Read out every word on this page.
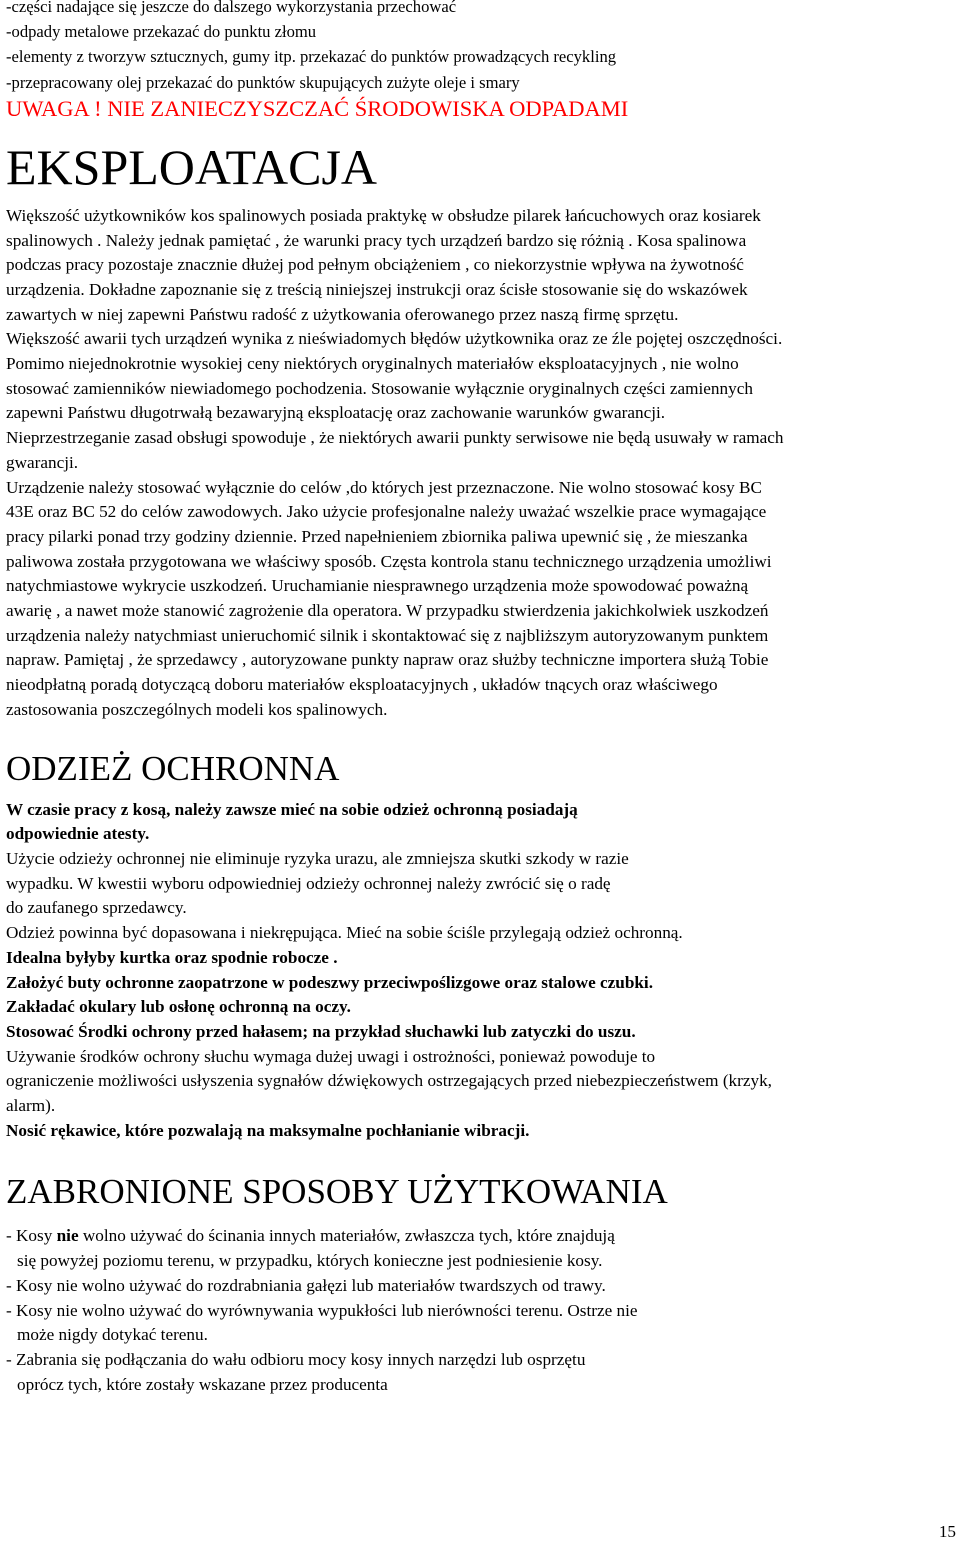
-części nadające się jeszcze do dalszego wykorzystania przechować
-odpady metalowe przekazać do punktu złomu
-elementy z tworzyw sztucznych, gumy itp. przekazać do punktów prowadzących recykling
-przepracowany olej przekazać do punktów skupujących zużyte oleje i smary
UWAGA ! NIE ZANIECZYSZCZAĆ ŚRODOWISKA ODPADAMI
EKSPLOATACJA
Większość użytkowników kos spalinowych posiada praktykę w obsłudze pilarek łańcuchowych oraz kosiarek
spalinowych . Należy jednak pamiętać , że warunki pracy tych urządzeń bardzo się różnią . Kosa spalinowa
podczas pracy pozostaje znacznie dłużej pod pełnym obciążeniem , co niekorzystnie wpływa na żywotność
urządzenia. Dokładne zapoznanie się z treścią niniejszej instrukcji oraz ścisłe stosowanie się do wskazówek
zawartych w niej zapewni Państwu radość z użytkowania oferowanego przez naszą firmę sprzętu.
Większość awarii tych urządzeń wynika z nieświadomych błędów użytkownika oraz ze źle pojętej oszczędności.
Pomimo niejednokrotnie wysokiej ceny niektórych oryginalnych materiałów eksploatacyjnych , nie wolno
stosować zamienników niewiadomego pochodzenia. Stosowanie wyłącznie oryginalnych części zamiennych
zapewni Państwu długotrwałą bezawaryjną eksploatację oraz zachowanie warunków gwarancji.
Nieprzestrzeganie zasad obsługi spowoduje , że niektórych awarii punkty serwisowe nie będą usuwały w ramach
gwarancji.
Urządzenie należy stosować wyłącznie do celów ,do których jest przeznaczone. Nie wolno stosować kosy BC
43E oraz BC 52 do celów zawodowych. Jako użycie profesjonalne należy uważać wszelkie prace wymagające
pracy pilarki ponad trzy godziny dziennie. Przed napełnieniem zbiornika paliwa upewnić się , że mieszanka
paliwowa została przygotowana we właściwy sposób. Częsta kontrola stanu technicznego urządzenia umożliwi
natychmiastowe wykrycie uszkodzeń. Uruchamianie niesprawnego urządzenia może spowodować poważną
awarię , a nawet może stanowić zagrożenie dla operatora. W przypadku stwierdzenia jakichkolwiek uszkodzeń
urządzenia należy natychmiast unieruchomić silnik i skontaktować się z najbliższym autoryzowanym punktem
napraw. Pamiętaj , że sprzedawcy , autoryzowane punkty napraw oraz służby techniczne importera służą Tobie
nieodpłatną poradą dotyczącą doboru materiałów eksploatacyjnych , układów tnących oraz właściwego
zastosowania poszczególnych modeli kos spalinowych.
ODZIEŻ OCHRONNA
W czasie pracy z kosą, należy zawsze mieć na sobie odzież ochronną posiadają
odpowiednie atesty.
Użycie odzieży ochronnej nie eliminuje ryzyka urazu, ale zmniejsza skutki szkody w razie
wypadku. W kwestii wyboru odpowiedniej odzieży ochronnej należy zwrócić się o radę
do zaufanego sprzedawcy.
Odzież powinna być dopasowana i niekrępująca. Mieć na sobie ściśle przylegają odzież ochronną.
Idealna byłyby kurtka oraz spodnie robocze .
Założyć buty ochronne zaopatrzone w podeszwy przeciwpoślizgowe oraz stalowe czubki.
Zakładać okulary lub osłonę ochronną na oczy.
Stosować Środki ochrony przed hałasem; na przykład słuchawki lub zatyczki do uszu.
Używanie środków ochrony słuchu wymaga dużej uwagi i ostrożności, ponieważ powoduje to
ograniczenie możliwości usłyszenia sygnałów dźwiękowych ostrzegających przed niebezpieczeństwem (krzyk,
alarm).
Nosić rękawice, które pozwalają na maksymalne pochłanianie wibracji.
ZABRONIONE SPOSOBY UŻYTKOWANIA
- Kosy nie wolno używać do ścinania innych materiałów, zwłaszcza tych, które znajdują
się powyżej poziomu terenu, w przypadku, których konieczne jest podniesienie kosy.
- Kosy nie wolno używać do rozdrabniania gałęzi lub materiałów twardszych od trawy.
- Kosy nie wolno używać do wyrównywania wypukłości lub nierówności terenu. Ostrze nie
może nigdy dotykać terenu.
- Zabrania się podłączania do wału odbioru mocy kosy innych narzędzi lub osprzętu
oprócz tych, które zostały wskazane przez producenta
15
